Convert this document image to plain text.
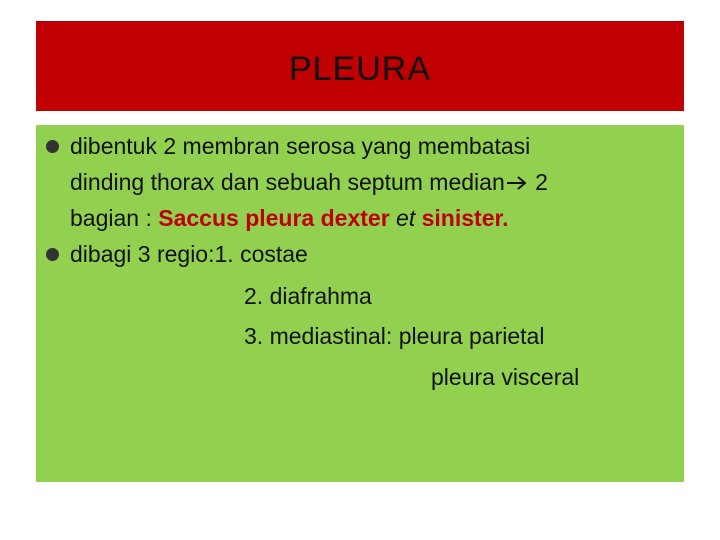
PLEURA
dibentuk 2 membran serosa yang membatasi
dinding thorax dan sebuah septum median 2
bagian : Saccus pleura dexter et sinister.
dibagi 3 regio:1. costae
2. diafrahma
3. mediastinal: pleura parietal
pleura visceral
